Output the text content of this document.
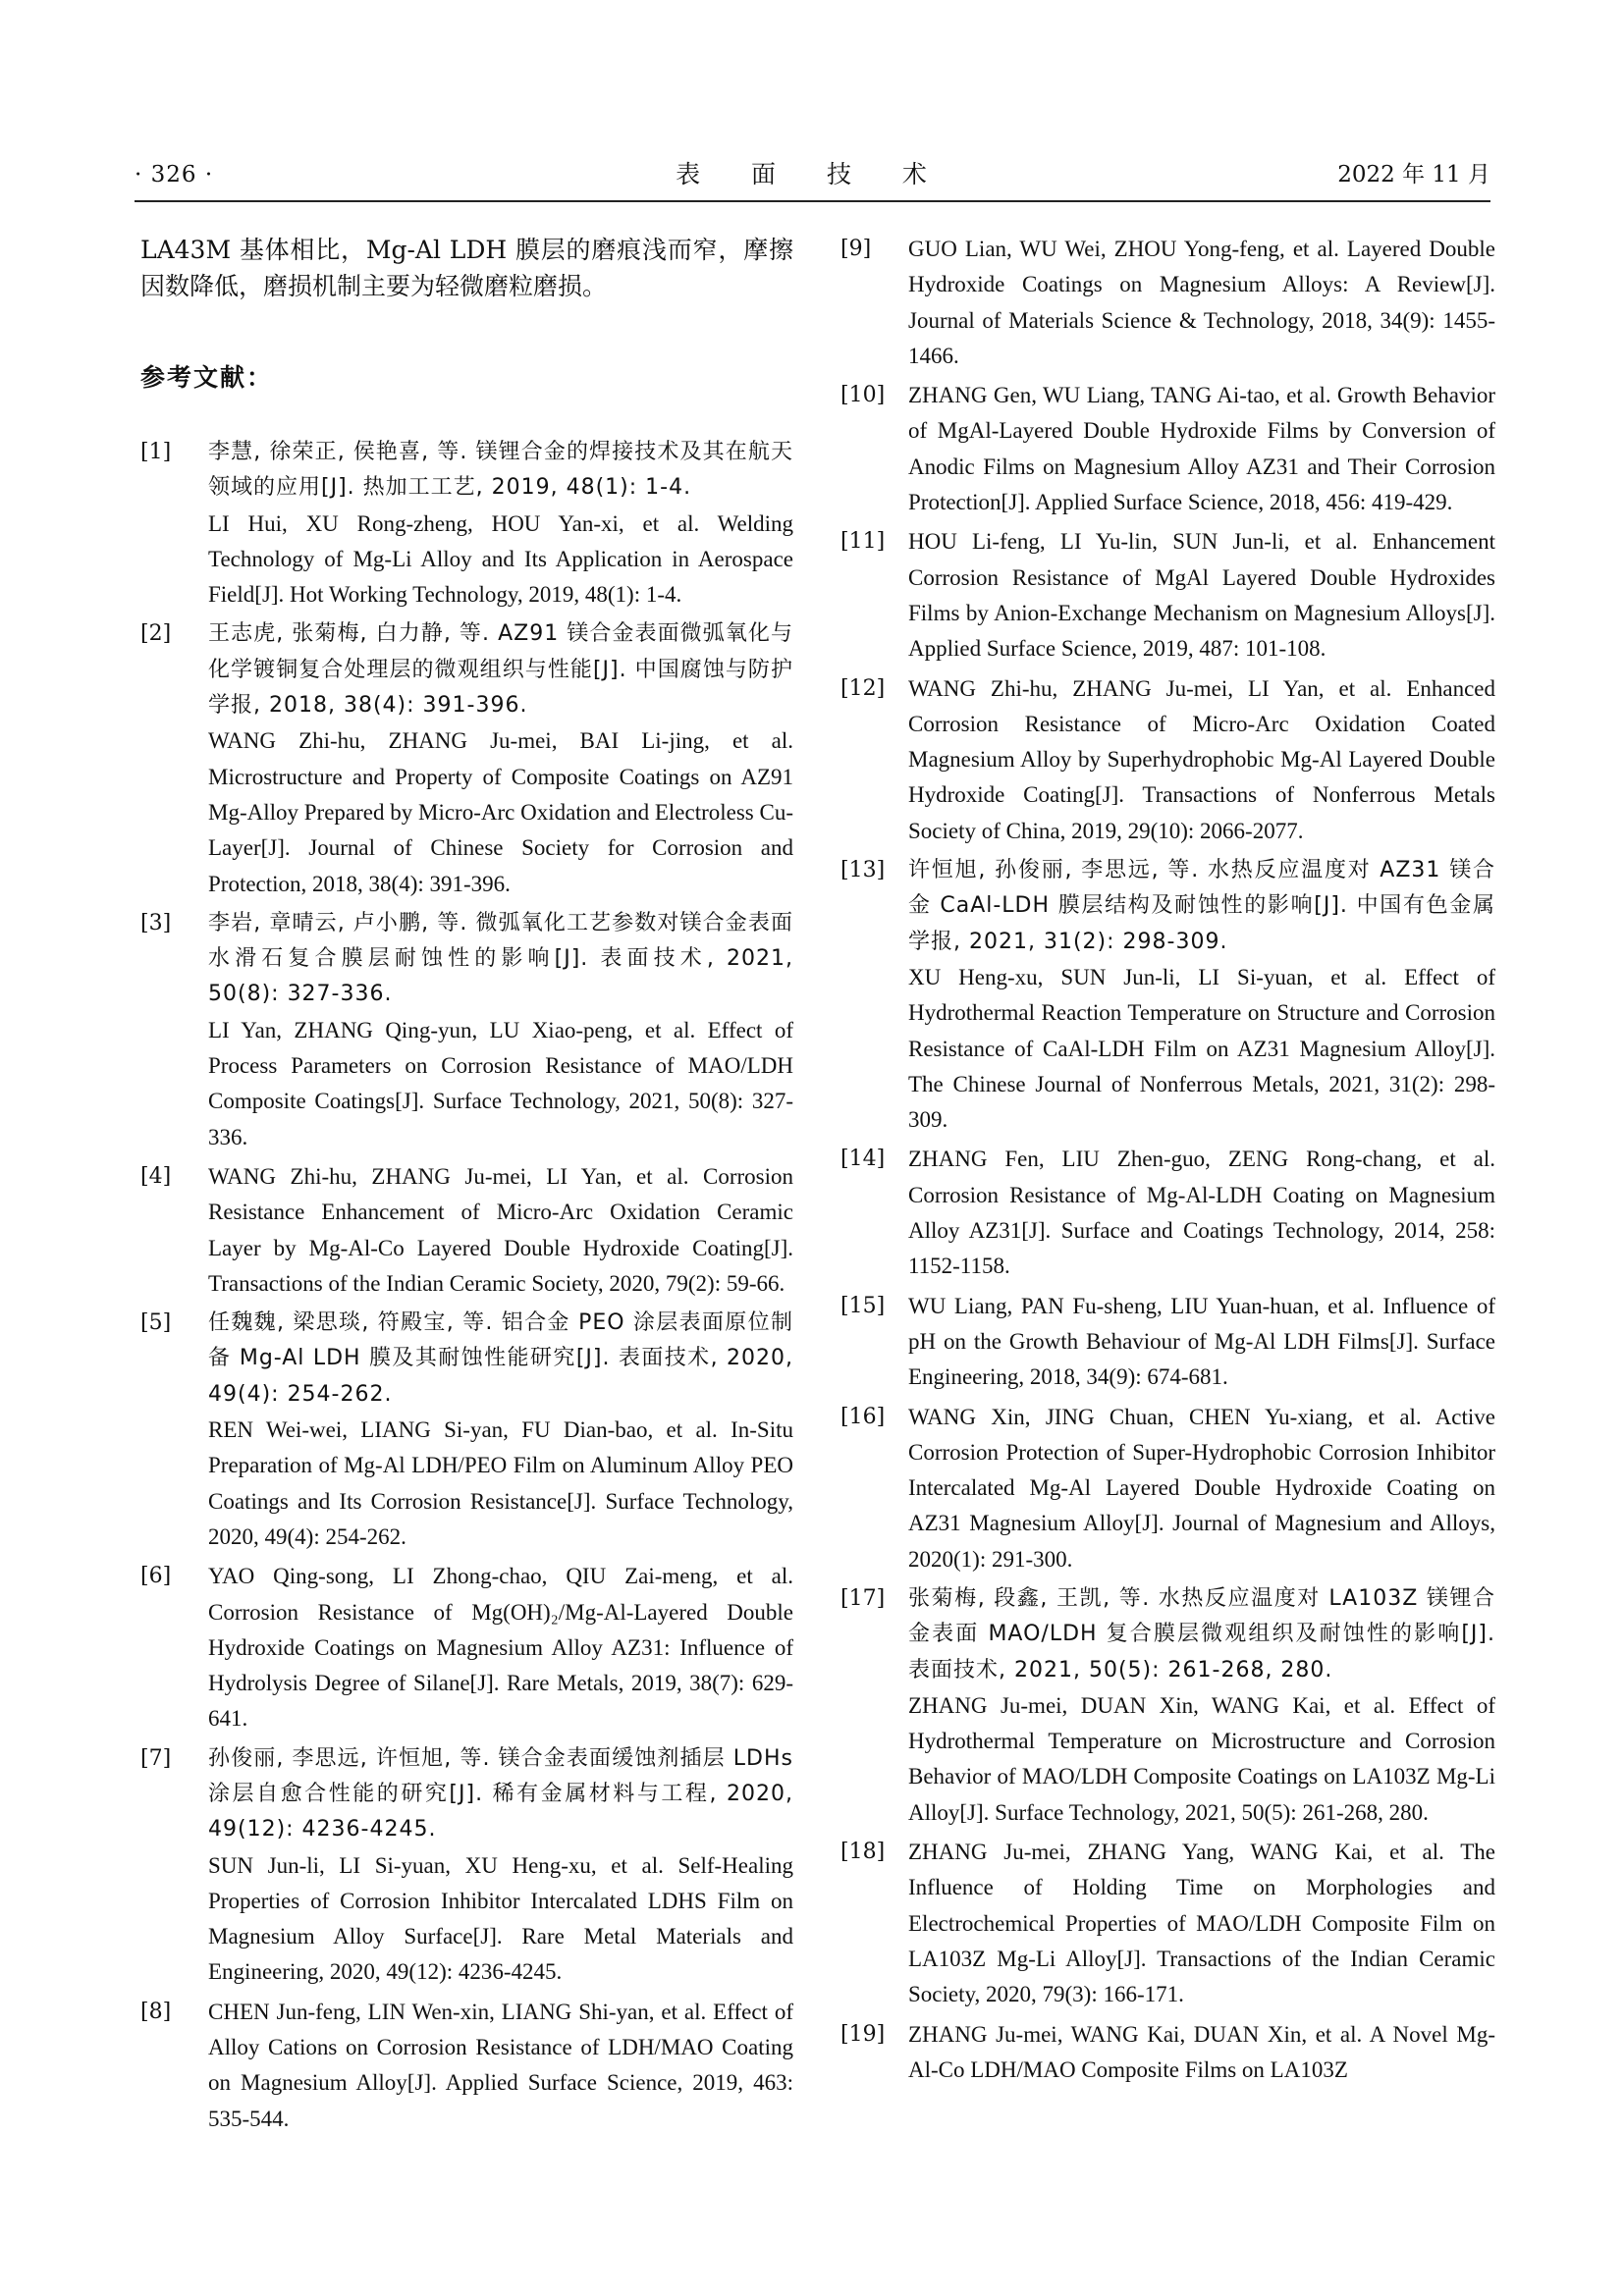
· 326 ·	表 面 技 术	2022 年 11 月

LA43M 基体相比，Mg-Al LDH 膜层的磨痕浅而窄，摩擦因数降低，磨损机制主要为轻微磨粒磨损。

参考文献：
[1] 李慧, 徐荣正, 侯艳喜, 等. 镁锂合金的焊接技术及其在航天领域的应用[J]. 热加工工艺, 2019, 48(1): 1-4.
LI Hui, XU Rong-zheng, HOU Yan-xi, et al. Welding Technology of Mg-Li Alloy and Its Application in Aerospace Field[J]. Hot Working Technology, 2019, 48(1): 1-4.
[2] 王志虎, 张菊梅, 白力静, 等. AZ91 镁合金表面微弧氧化与化学镀铜复合处理层的微观组织与性能[J]. 中国腐蚀与防护学报, 2018, 38(4): 391-396.
WANG Zhi-hu, ZHANG Ju-mei, BAI Li-jing, et al. Microstructure and Property of Composite Coatings on AZ91 Mg-Alloy Prepared by Micro-Arc Oxidation and Electroless Cu-Layer[J]. Journal of Chinese Society for Corrosion and Protection, 2018, 38(4): 391-396.
[3] 李岩, 章晴云, 卢小鹏, 等. 微弧氧化工艺参数对镁合金表面水滑石复合膜层耐蚀性的影响[J]. 表面技术, 2021, 50(8): 327-336.
LI Yan, ZHANG Qing-yun, LU Xiao-peng, et al. Effect of Process Parameters on Corrosion Resistance of MAO/LDH Composite Coatings[J]. Surface Technology, 2021, 50(8): 327-336.
[4] WANG Zhi-hu, ZHANG Ju-mei, LI Yan, et al. Corrosion Resistance Enhancement of Micro-Arc Oxidation Ceramic Layer by Mg-Al-Co Layered Double Hydroxide Coating[J]. Transactions of the Indian Ceramic Society, 2020, 79(2): 59-66.
[5] 任魏魏, 梁思琰, 符殿宝, 等. 铝合金 PEO 涂层表面原位制备 Mg-Al LDH 膜及其耐蚀性能研究[J]. 表面技术, 2020, 49(4): 254-262.
REN Wei-wei, LIANG Si-yan, FU Dian-bao, et al. In-Situ Preparation of Mg-Al LDH/PEO Film on Aluminum Alloy PEO Coatings and Its Corrosion Resistance[J]. Surface Technology, 2020, 49(4): 254-262.
[6] YAO Qing-song, LI Zhong-chao, QIU Zai-meng, et al. Corrosion Resistance of Mg(OH)₂/Mg-Al-Layered Double Hydroxide Coatings on Magnesium Alloy AZ31: Influence of Hydrolysis Degree of Silane[J]. Rare Metals, 2019, 38(7): 629-641.
[7] 孙俊丽, 李思远, 许恒旭, 等. 镁合金表面缓蚀剂插层 LDHs 涂层自愈合性能的研究[J]. 稀有金属材料与工程, 2020, 49(12): 4236-4245.
SUN Jun-li, LI Si-yuan, XU Heng-xu, et al. Self-Healing Properties of Corrosion Inhibitor Intercalated LDHS Film on Magnesium Alloy Surface[J]. Rare Metal Materials and Engineering, 2020, 49(12): 4236-4245.
[8] CHEN Jun-feng, LIN Wen-xin, LIANG Shi-yan, et al. Effect of Alloy Cations on Corrosion Resistance of LDH/MAO Coating on Magnesium Alloy[J]. Applied Surface Science, 2019, 463: 535-544.
[9] GUO Lian, WU Wei, ZHOU Yong-feng, et al. Layered Double Hydroxide Coatings on Magnesium Alloys: A Review[J]. Journal of Materials Science & Technology, 2018, 34(9): 1455-1466.
[10] ZHANG Gen, WU Liang, TANG Ai-tao, et al. Growth Behavior of MgAl-Layered Double Hydroxide Films by Conversion of Anodic Films on Magnesium Alloy AZ31 and Their Corrosion Protection[J]. Applied Surface Science, 2018, 456: 419-429.
[11] HOU Li-feng, LI Yu-lin, SUN Jun-li, et al. Enhancement Corrosion Resistance of MgAl Layered Double Hydroxides Films by Anion-Exchange Mechanism on Magnesium Alloys[J]. Applied Surface Science, 2019, 487: 101-108.
[12] WANG Zhi-hu, ZHANG Ju-mei, LI Yan, et al. Enhanced Corrosion Resistance of Micro-Arc Oxidation Coated Magnesium Alloy by Superhydrophobic Mg-Al Layered Double Hydroxide Coating[J]. Transactions of Nonferrous Metals Society of China, 2019, 29(10): 2066-2077.
[13] 许恒旭, 孙俊丽, 李思远, 等. 水热反应温度对 AZ31 镁合金 CaAl-LDH 膜层结构及耐蚀性的影响[J]. 中国有色金属学报, 2021, 31(2): 298-309.
XU Heng-xu, SUN Jun-li, LI Si-yuan, et al. Effect of Hydrothermal Reaction Temperature on Structure and Corrosion Resistance of CaAl-LDH Film on AZ31 Magnesium Alloy[J]. The Chinese Journal of Nonferrous Metals, 2021, 31(2): 298-309.
[14] ZHANG Fen, LIU Zhen-guo, ZENG Rong-chang, et al. Corrosion Resistance of Mg-Al-LDH Coating on Magnesium Alloy AZ31[J]. Surface and Coatings Technology, 2014, 258: 1152-1158.
[15] WU Liang, PAN Fu-sheng, LIU Yuan-huan, et al. Influence of pH on the Growth Behaviour of Mg-Al LDH Films[J]. Surface Engineering, 2018, 34(9): 674-681.
[16] WANG Xin, JING Chuan, CHEN Yu-xiang, et al. Active Corrosion Protection of Super-Hydrophobic Corrosion Inhibitor Intercalated Mg-Al Layered Double Hydroxide Coating on AZ31 Magnesium Alloy[J]. Journal of Magnesium and Alloys, 2020(1): 291-300.
[17] 张菊梅, 段鑫, 王凯, 等. 水热反应温度对 LA103Z 镁锂合金表面 MAO/LDH 复合膜层微观组织及耐蚀性的影响[J]. 表面技术, 2021, 50(5): 261-268, 280.
ZHANG Ju-mei, DUAN Xin, WANG Kai, et al. Effect of Hydrothermal Temperature on Microstructure and Corrosion Behavior of MAO/LDH Composite Coatings on LA103Z Mg-Li Alloy[J]. Surface Technology, 2021, 50(5): 261-268, 280.
[18] ZHANG Ju-mei, ZHANG Yang, WANG Kai, et al. The Influence of Holding Time on Morphologies and Electrochemical Properties of MAO/LDH Composite Film on LA103Z Mg-Li Alloy[J]. Transactions of the Indian Ceramic Society, 2020, 79(3): 166-171.
[19] ZHANG Ju-mei, WANG Kai, DUAN Xin, et al. A Novel Mg-Al-Co LDH/MAO Composite Films on LA103Z
